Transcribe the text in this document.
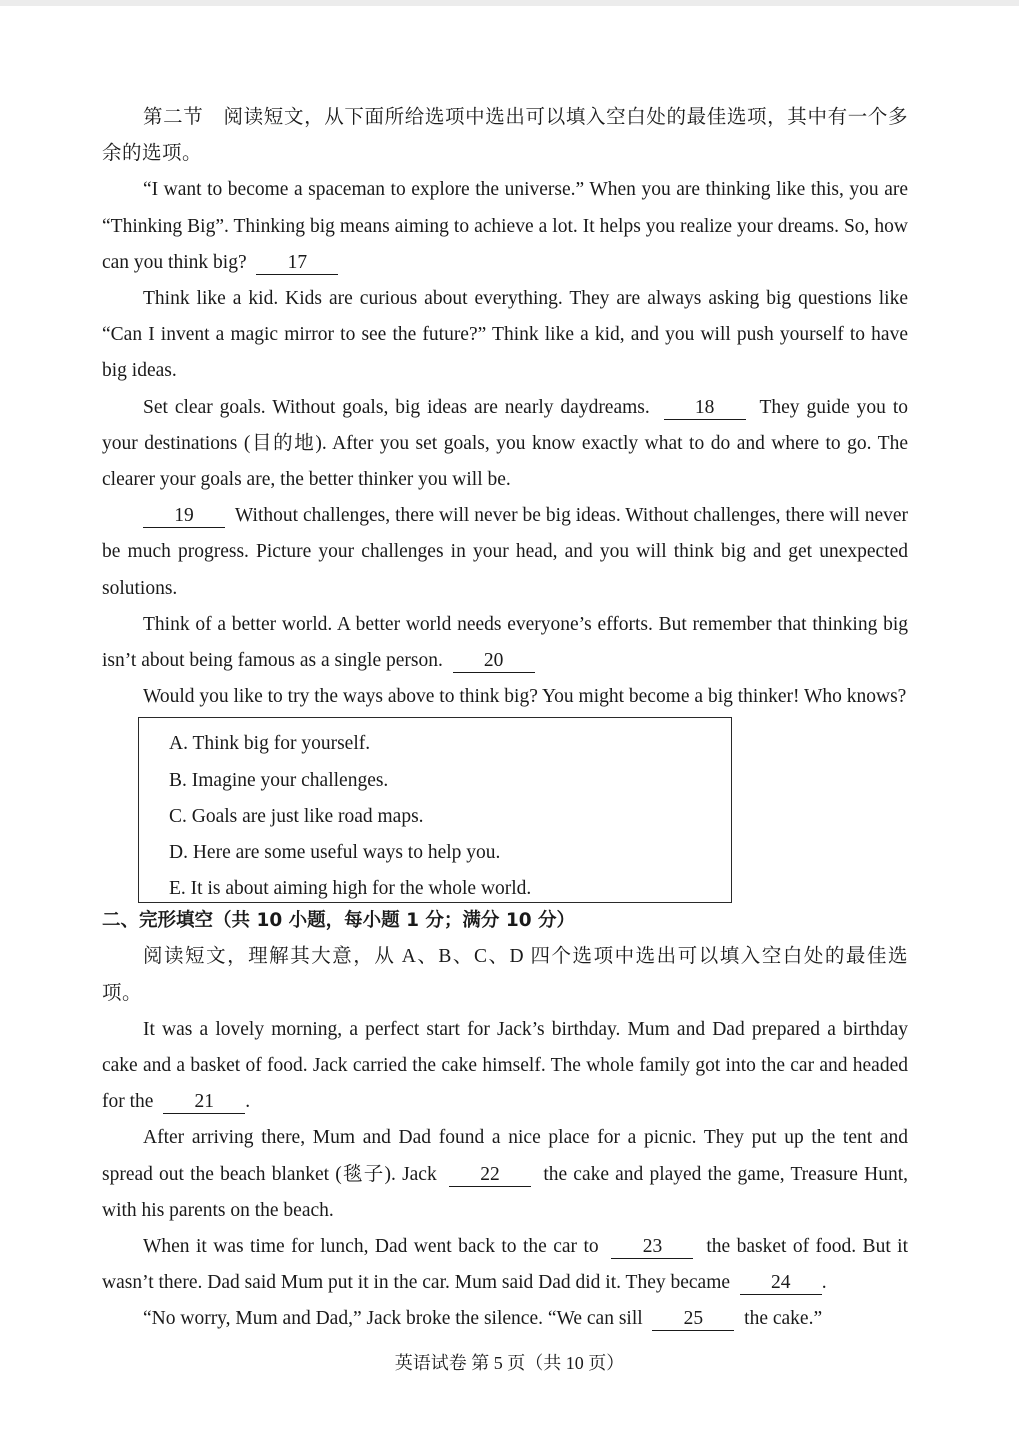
第二节　阅读短文，从下面所给选项中选出可以填入空白处的最佳选项，其中有一个多余的选项。

“I want to become a spaceman to explore the universe.” When you are thinking like this, you are “Thinking Big”. Thinking big means aiming to achieve a lot. It helps you realize your dreams. So, how can you think big? 17

Think like a kid. Kids are curious about everything. They are always asking big questions like “Can I invent a magic mirror to see the future?” Think like a kid, and you will push yourself to have big ideas.

Set clear goals. Without goals, big ideas are nearly daydreams. 18 They guide you to your destinations (目的地). After you set goals, you know exactly what to do and where to go. The clearer your goals are, the better thinker you will be.

19 Without challenges, there will never be big ideas. Without challenges, there will never be much progress. Picture your challenges in your head, and you will think big and get unexpected solutions.

Think of a better world. A better world needs everyone’s efforts. But remember that thinking big isn’t about being famous as a single person. 20

Would you like to try the ways above to think big? You might become a big thinker! Who knows?

A. Think big for yourself.

B. Imagine your challenges.

C. Goals are just like road maps.

D. Here are some useful ways to help you.

E. It is about aiming high for the whole world.

二、完形填空（共 10 小题，每小题 1 分；满分 10 分）

阅读短文，理解其大意，从 A、B、C、D 四个选项中选出可以填入空白处的最佳选项。

It was a lovely morning, a perfect start for Jack’s birthday. Mum and Dad prepared a birthday cake and a basket of food. Jack carried the cake himself. The whole family got into the car and headed for the 21 .

After arriving there, Mum and Dad found a nice place for a picnic. They put up the tent and spread out the beach blanket (毯子). Jack 22 the cake and played the game, Treasure Hunt, with his parents on the beach.

When it was time for lunch, Dad went back to the car to 23 the basket of food. But it wasn’t there. Dad said Mum put it in the car. Mum said Dad did it. They became 24 .

“No worry, Mum and Dad,” Jack broke the silence. “We can sill 25 the cake.”

英语试卷 第 5 页（共 10 页）
